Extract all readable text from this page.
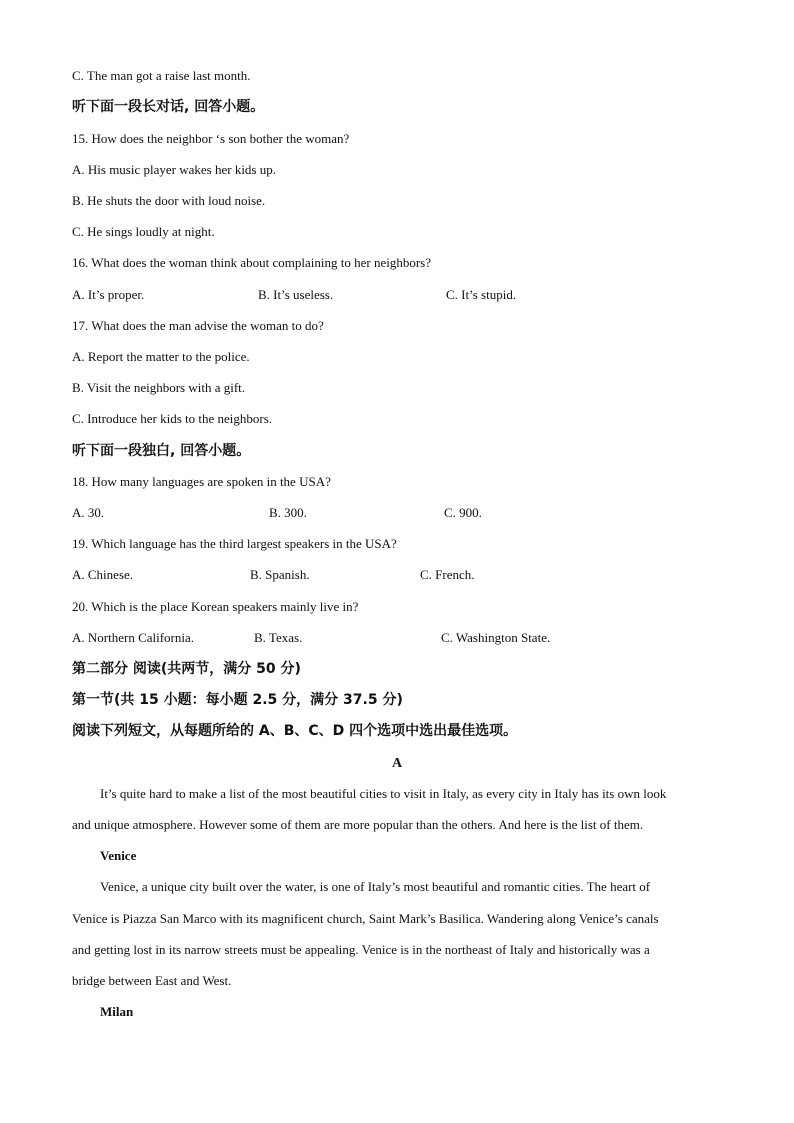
C. The man got a raise last month.
听下面一段长对话, 回答小题。
15. How does the neighbor ‘s son bother the woman?
A. His music player wakes her kids up.
B. He shuts the door with loud noise.
C. He sings loudly at night.
16. What does the woman think about complaining to her neighbors?
A. It’s proper.	B. It’s useless.	C. It’s stupid.
17. What does the man advise the woman to do?
A. Report the matter to the police.
B. Visit the neighbors with a gift.
C. Introduce her kids to the neighbors.
听下面一段独白, 回答小题。
18. How many languages are spoken in the USA?
A. 30.	B. 300.	C. 900.
19. Which language has the third largest speakers in the USA?
A. Chinese.	B. Spanish.	C. French.
20. Which is the place Korean speakers mainly live in?
A. Northern California.	B. Texas.	C. Washington State.
第二部分 阅读(共两节，满分 50 分)
第一节(共 15 小题：每小题 2.5 分，满分 37.5 分)
阅读下列短文，从每题所给的 A、B、C、D 四个选项中选出最佳选项。
A
It’s quite hard to make a list of the most beautiful cities to visit in Italy, as every city in Italy has its own look
and unique atmosphere. However some of them are more popular than the others. And here is the list of them.
Venice
Venice, a unique city built over the water, is one of Italy’s most beautiful and romantic cities. The heart of
Venice is Piazza San Marco with its magnificent church, Saint Mark’s Basilica. Wandering along Venice’s canals
and getting lost in its narrow streets must be appealing. Venice is in the northeast of Italy and historically was a
bridge between East and West.
Milan
